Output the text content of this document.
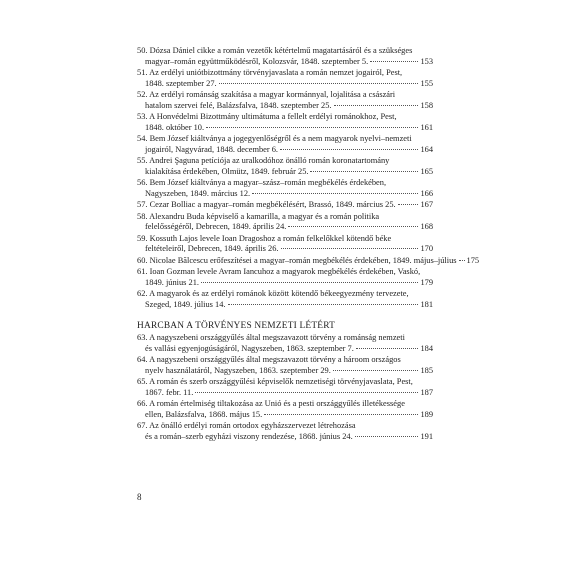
50. Dózsa Dániel cikke a román vezetők kétértelmű magatartásáról és a szükséges
magyar–román együttműködésről, Kolozsvár, 1848. szeptember 5.	153
51. Az erdélyi uniótbizottmány törvényjavaslata a román nemzet jogairól, Pest,
1848. szeptember 27.	155
52. Az erdélyi románság szakítása a magyar kormánnyal, lojalitása a császári
hatalom szervei felé, Balázsfalva, 1848. szeptember 25.	158
53. A Honvédelmi Bizottmány ultimátuma a fellelt erdélyi románokhoz, Pest,
1848. október 10.	161
54. Bem József kiáltványa a jogegyenlőségről és a nem magyarok nyelvi–nemzeti
jogairól, Nagyvárad, 1848. december 6.	164
55. Andrei Şaguna petíciója az uralkodóhoz önálló román koronatartomány
kialakítása érdekében, Olmütz, 1849. február 25.	165
56. Bem József kiáltványa a magyar–szász–román megbékélés érdekében,
Nagyszeben, 1849. március 12.	166
57. Cezar Bolliac a magyar–román megbékélésért, Brassó, 1849. március 25.	167
58. Alexandru Buda képviselő a kamarilla, a magyar és a román politika
felelősségéről, Debrecen, 1849. április 24.	168
59. Kossuth Lajos levele Ioan Dragoshoz a román felkelőkkel kötendő béke
feltételeiről, Debrecen, 1849. április 26.	170
60. Nicolae Bălcescu erőfeszítései a magyar–román megbékélés érdekében, 1849. május–július 175
61. Ioan Gozman levele Avram Iancuhoz a magyarok megbékélés érdekében, Vaskó,
1849. június 21.	179
62. A magyarok és az erdélyi románok között kötendő békeegyezmény tervezete,
Szeged, 1849. július 14.	181
HARCBAN A TÖRVÉNYES NEMZETI LÉTÉRT
63. A nagyszebeni országgyűlés által megszavazott törvény a románság nemzeti
és vallási egyenjogúságáról, Nagyszeben, 1863. szeptember 7.	184
64. A nagyszebeni országgyűlés által megszavazott törvény a hároom országos
nyelv használatáról, Nagyszeben, 1863. szeptember 29.	185
65. A román és szerb országgyűlési képviselők nemzetiségi törvényjavaslata, Pest,
1867. febr. 11.	187
66. A román értelmiség tiltakozása az Unió és a pesti országgyűlés illetékessége
ellen, Balázsfalva, 1868. május 15.	189
67. Az önálló erdélyi román ortodox egyházszervezet létrehozása
és a román–szerb egyházi viszony rendezése, 1868. június 24.	191
8
